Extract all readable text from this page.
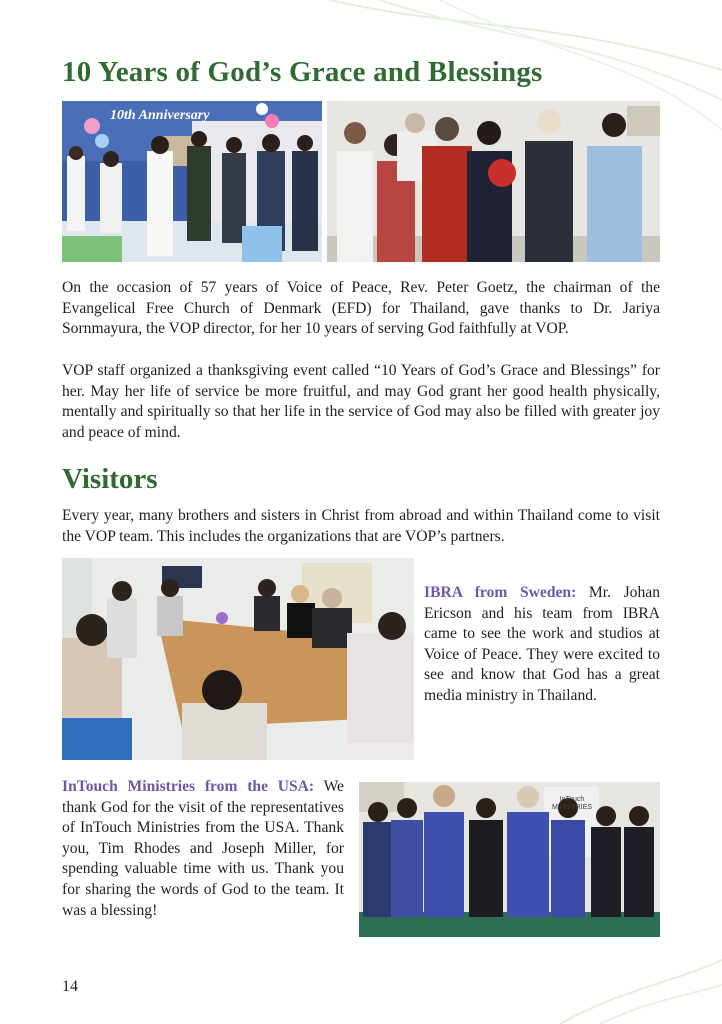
10 Years of God’s Grace and Blessings
10th Anniversary

On the occasion of 57 years of Voice of Peace, Rev. Peter Goetz, the chairman of the Evangelical Free Church of Denmark (EFD) for Thailand, gave thanks to Dr. Jariya Sornmayura, the VOP director, for her 10 years of serving God faithfully at VOP.

VOP staff organized a thanksgiving event called “10 Years of God’s Grace and Blessings” for her. May her life of service be more fruitful, and may God grant her good health physically, mentally and spiritually so that her life in the service of God may also be filled with greater joy and peace of mind.

Visitors

Every year, many brothers and sisters in Christ from abroad and within Thailand come to visit the VOP team. This includes the organizations that are VOP’s partners.

IBRA from Sweden: Mr. Johan Ericson and his team from IBRA came to see the work and studios at Voice of Peace. They were excited to see and know that God has a great media ministry in Thailand.

InTouch Ministries from the USA: We thank God for the visit of the representatives of InTouch Ministries from the USA. Thank you, Tim Rhodes and Joseph Miller, for spending valuable time with us. Thank you for sharing the words of God to the team. It was a blessing!

InTouch MINISTRIES

14
